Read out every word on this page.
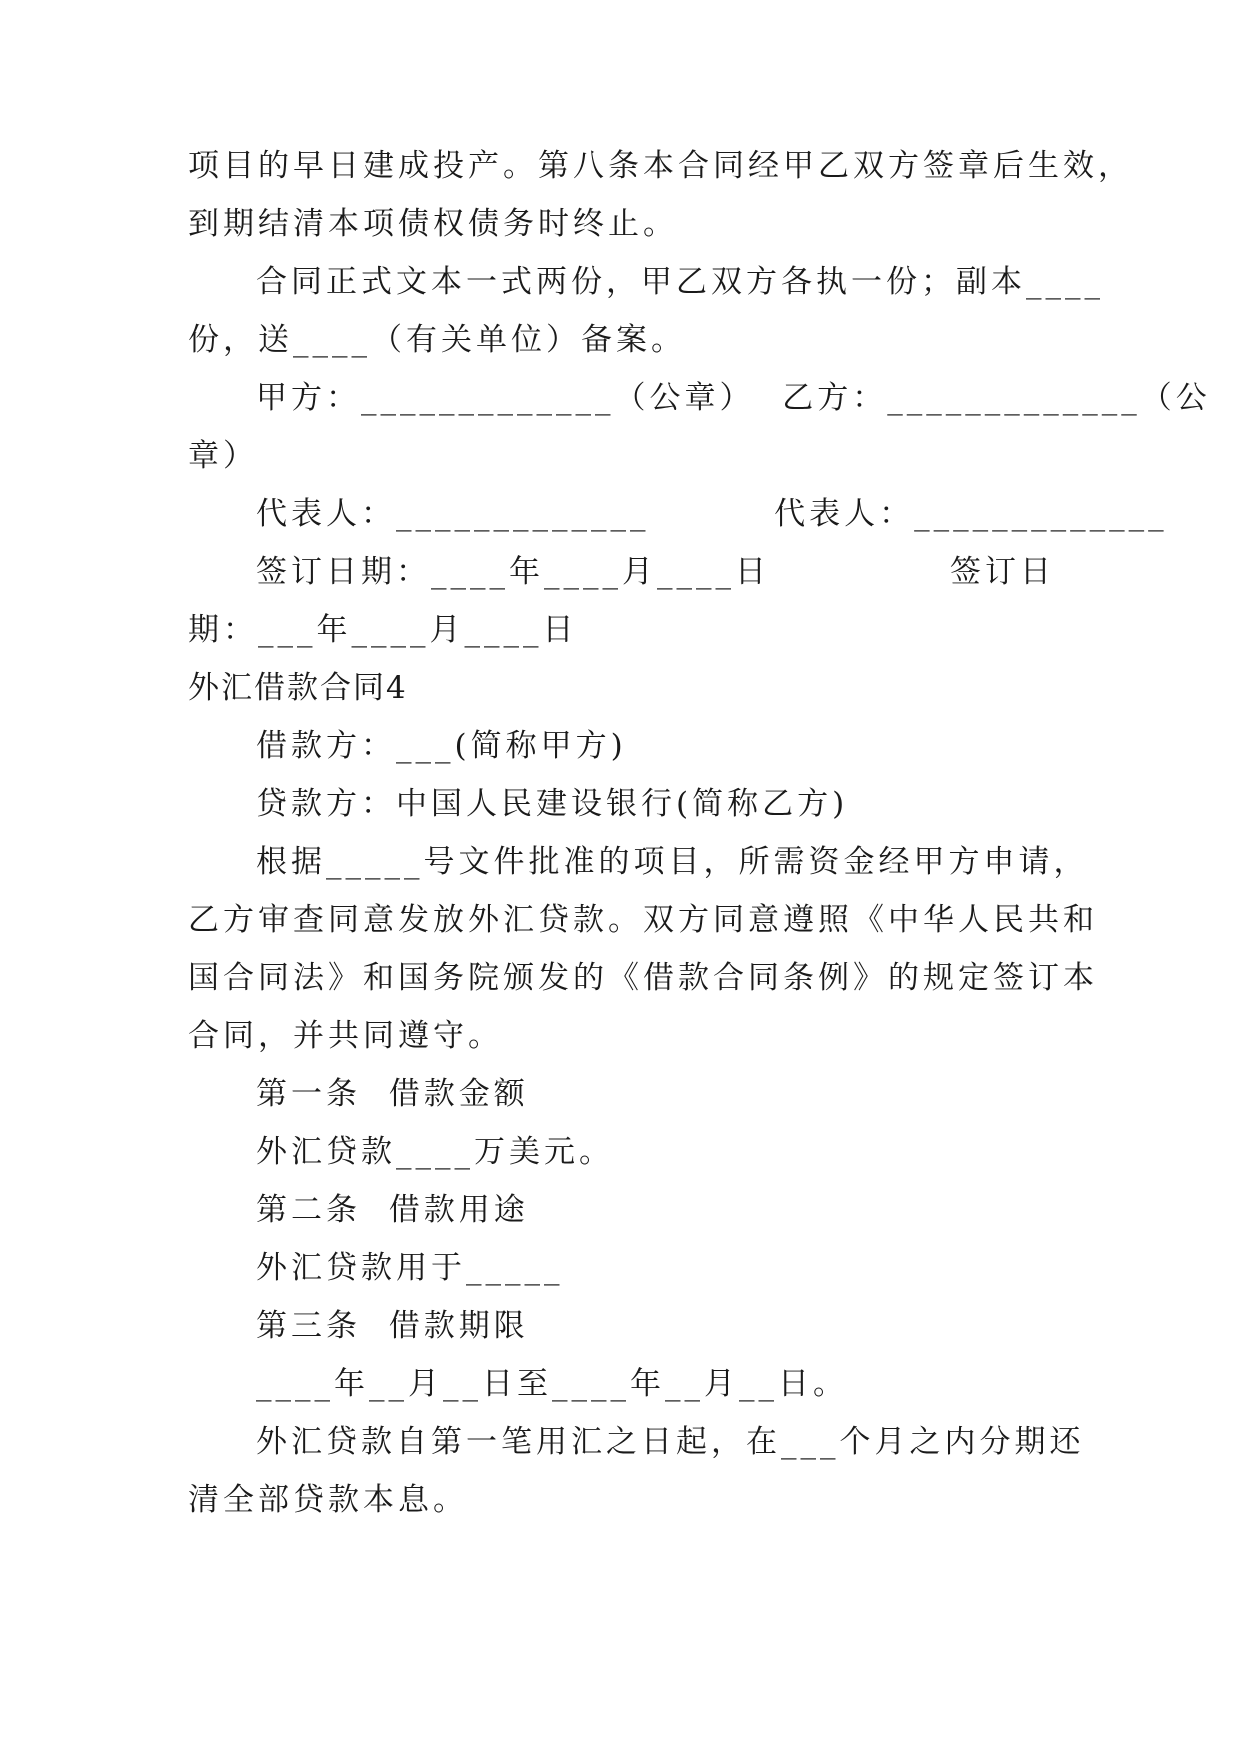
项目的早日建成投产。第八条本合同经甲乙双方签章后生效，
到期结清本项债权债务时终止。
合同正式文本一式两份，甲乙双方各执一份；副本____
份，送____（有关单位）备案。
甲方：_____________（公章）  乙方：_____________（公
章）
代表人：_____________         代表人：_____________
签订日期：____年____月____日	签订日
期：___年____月____日
外汇借款合同4
借款方：___(简称甲方)
贷款方：中国人民建设银行(简称乙方)
根据_____号文件批准的项目，所需资金经甲方申请，
乙方审查同意发放外汇贷款。双方同意遵照《中华人民共和
国合同法》和国务院颁发的《借款合同条例》的规定签订本
合同，并共同遵守。
第一条  借款金额
外汇贷款____万美元。
第二条  借款用途
外汇贷款用于_____
第三条  借款期限
____年__月__日至____年__月__日。
外汇贷款自第一笔用汇之日起，在___个月之内分期还
清全部贷款本息。
